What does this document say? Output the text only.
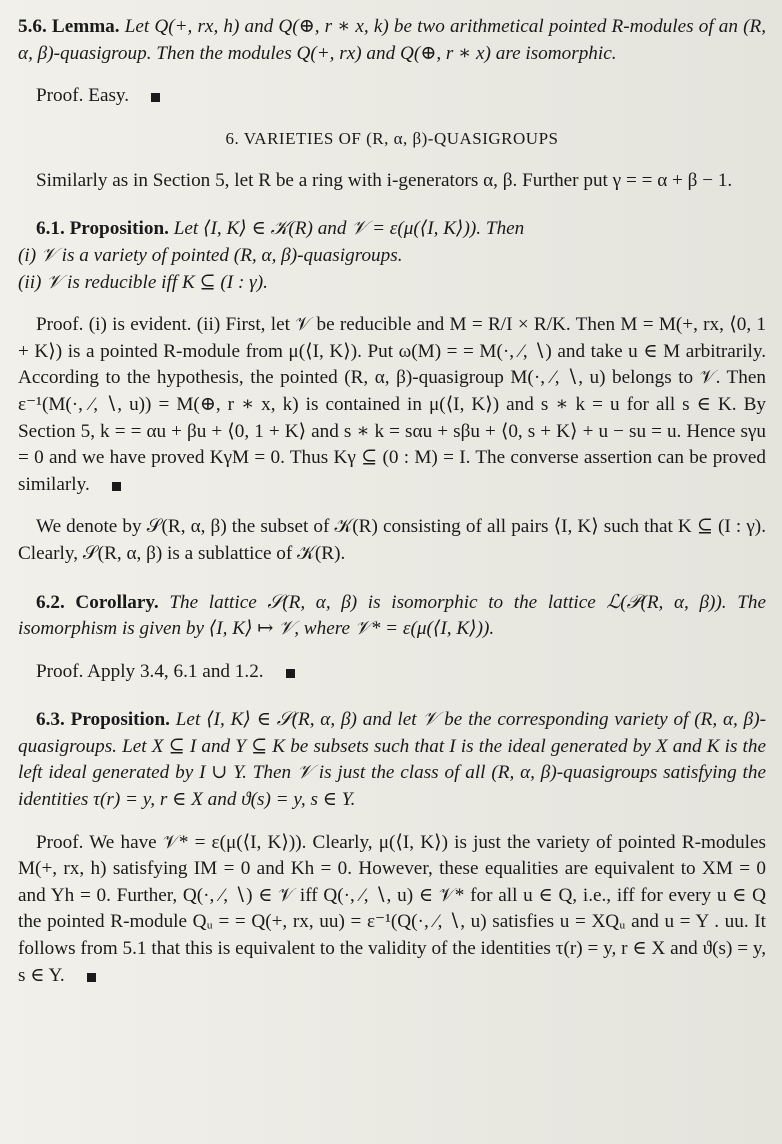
5.6. Lemma. Let Q(+, rx, h) and Q(⊕, r ∗ x, k) be two arithmetical pointed R-modules of an (R, α, β)-quasigroup. Then the modules Q(+, rx) and Q(⊕, r ∗ x) are isomorphic.

Proof. Easy.

6. VARIETIES OF (R, α, β)-QUASIGROUPS

Similarly as in Section 5, let R be a ring with i-generators α, β. Further put γ = = α + β − 1.

6.1. Proposition. Let ⟨I, K⟩ ∈ 𝒦(R) and 𝒱 = ε(μ(⟨I, K⟩)). Then

(i) 𝒱 is a variety of pointed (R, α, β)-quasigroups.

(ii) 𝒱 is reducible iff K ⊆ (I : γ).

Proof. (i) is evident. (ii) First, let 𝒱 be reducible and M = R/I × R/K. Then M = M(+, rx, ⟨0, 1 + K⟩) is a pointed R-module from μ(⟨I, K⟩). Put ω(M) = = M(·, ⁄, ∖) and take u ∈ M arbitrarily. According to the hypothesis, the pointed (R, α, β)-quasigroup M(·, ⁄, ∖, u) belongs to 𝒱. Then ε⁻¹(M(·, ⁄, ∖, u)) = M(⊕, r ∗ x, k) is contained in μ(⟨I, K⟩) and s ∗ k = u for all s ∈ K. By Section 5, k = = αu + βu + ⟨0, 1 + K⟩ and s ∗ k = sαu + sβu + ⟨0, s + K⟩ + u − su = u. Hence sγu = 0 and we have proved KγM = 0. Thus Kγ ⊆ (0 : M) = I. The converse assertion can be proved similarly.

We denote by 𝒮(R, α, β) the subset of 𝒦(R) consisting of all pairs ⟨I, K⟩ such that K ⊆ (I : γ). Clearly, 𝒮(R, α, β) is a sublattice of 𝒦(R).

6.2. Corollary. The lattice 𝒮(R, α, β) is isomorphic to the lattice ℒ(𝒫(R, α, β)). The isomorphism is given by ⟨I, K⟩ ↦ 𝒱, where 𝒱* = ε(μ(⟨I, K⟩)).

Proof. Apply 3.4, 6.1 and 1.2.

6.3. Proposition. Let ⟨I, K⟩ ∈ 𝒮(R, α, β) and let 𝒱 be the corresponding variety of (R, α, β)-quasigroups. Let X ⊆ I and Y ⊆ K be subsets such that I is the ideal generated by X and K is the left ideal generated by I ∪ Y. Then 𝒱 is just the class of all (R, α, β)-quasigroups satisfying the identities τ(r) = y, r ∈ X and ϑ(s) = y, s ∈ Y.

Proof. We have 𝒱* = ε(μ(⟨I, K⟩)). Clearly, μ(⟨I, K⟩) is just the variety of pointed R-modules M(+, rx, h) satisfying IM = 0 and Kh = 0. However, these equalities are equivalent to XM = 0 and Yh = 0. Further, Q(·, ⁄, ∖) ∈ 𝒱 iff Q(·, ⁄, ∖, u) ∈ 𝒱* for all u ∈ Q, i.e., iff for every u ∈ Q the pointed R-module Qᵤ = = Q(+, rx, uu) = ε⁻¹(Q(·, ⁄, ∖, u) satisfies u = XQᵤ and u = Y . uu. It follows from 5.1 that this is equivalent to the validity of the identities τ(r) = y, r ∈ X and ϑ(s) = y, s ∈ Y.
